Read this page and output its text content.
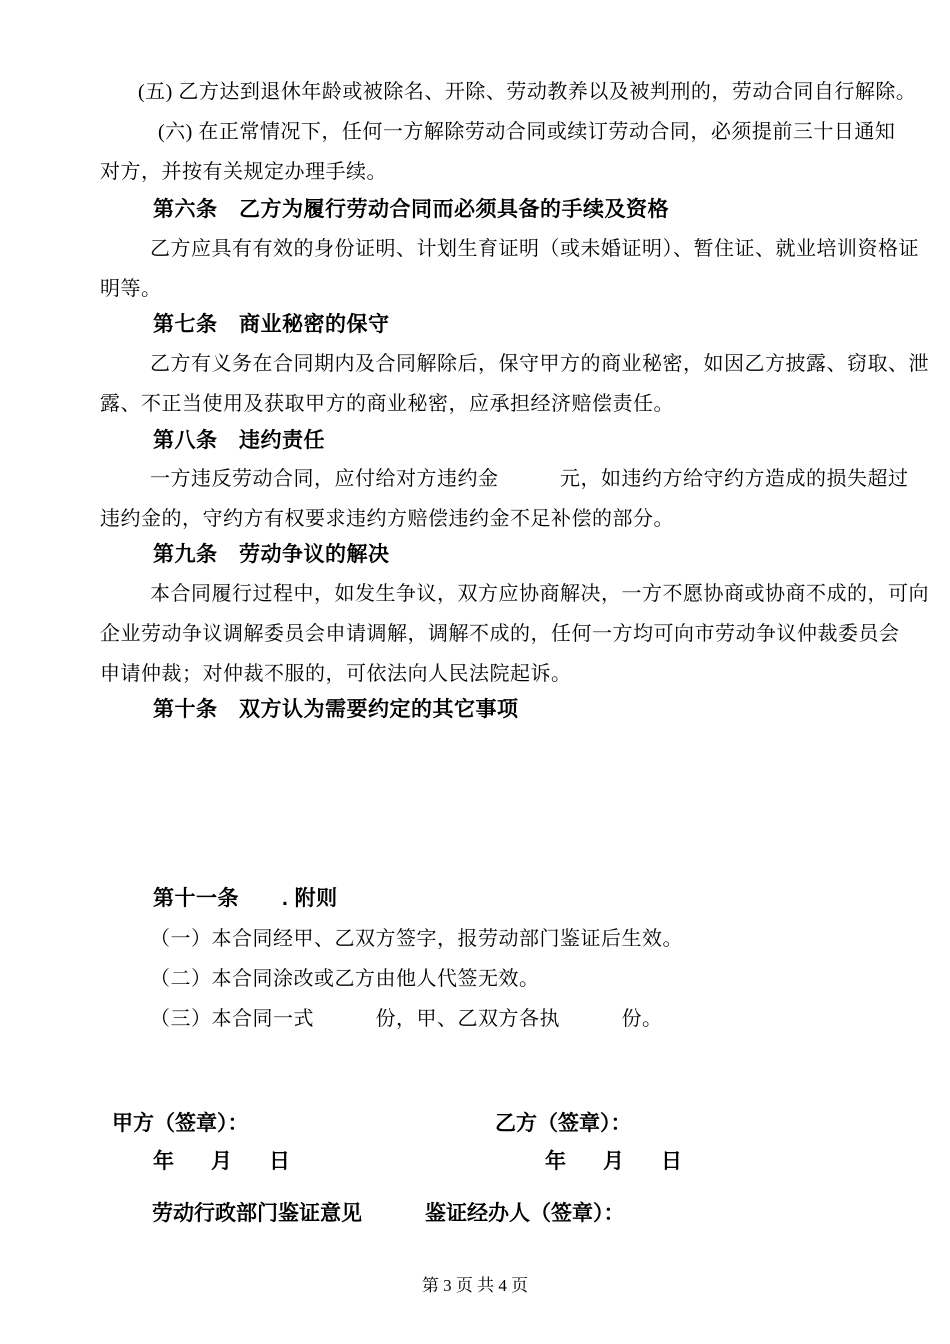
(五) 乙方达到退休年龄或被除名、开除、劳动教养以及被判刑的，劳动合同自行解除。
(六) 在正常情况下，任何一方解除劳动合同或续订劳动合同，必须提前三十日通知
对方，并按有关规定办理手续。
第六条　乙方为履行劳动合同而必须具备的手续及资格
乙方应具有有效的身份证明、计划生育证明（或未婚证明）、暂住证、就业培训资格证
明等。
第七条　商业秘密的保守
乙方有义务在合同期内及合同解除后，保守甲方的商业秘密，如因乙方披露、窃取、泄
露、不正当使用及获取甲方的商业秘密，应承担经济赔偿责任。
第八条　违约责任
一方违反劳动合同，应付给对方违约金　　　元，如违约方给守约方造成的损失超过
违约金的，守约方有权要求违约方赔偿违约金不足补偿的部分。
第九条　劳动争议的解决
本合同履行过程中，如发生争议，双方应协商解决，一方不愿协商或协商不成的，可向
企业劳动争议调解委员会申请调解，调解不成的，任何一方均可向市劳动争议仲裁委员会
申请仲裁；对仲裁不服的，可依法向人民法院起诉。
第十条　双方认为需要约定的其它事项
第十一条　　. 附则
（一）本合同经甲、乙双方签字，报劳动部门鉴证后生效。
（二）本合同涂改或乙方由他人代签无效。
（三）本合同一式　　　份，甲、乙双方各执　　　份。
甲方（签章）：	乙方（签章）：
年 月 日	年 月 日
劳动行政部门鉴证意见	鉴证经办人（签章）：
第 3 页 共 4 页
